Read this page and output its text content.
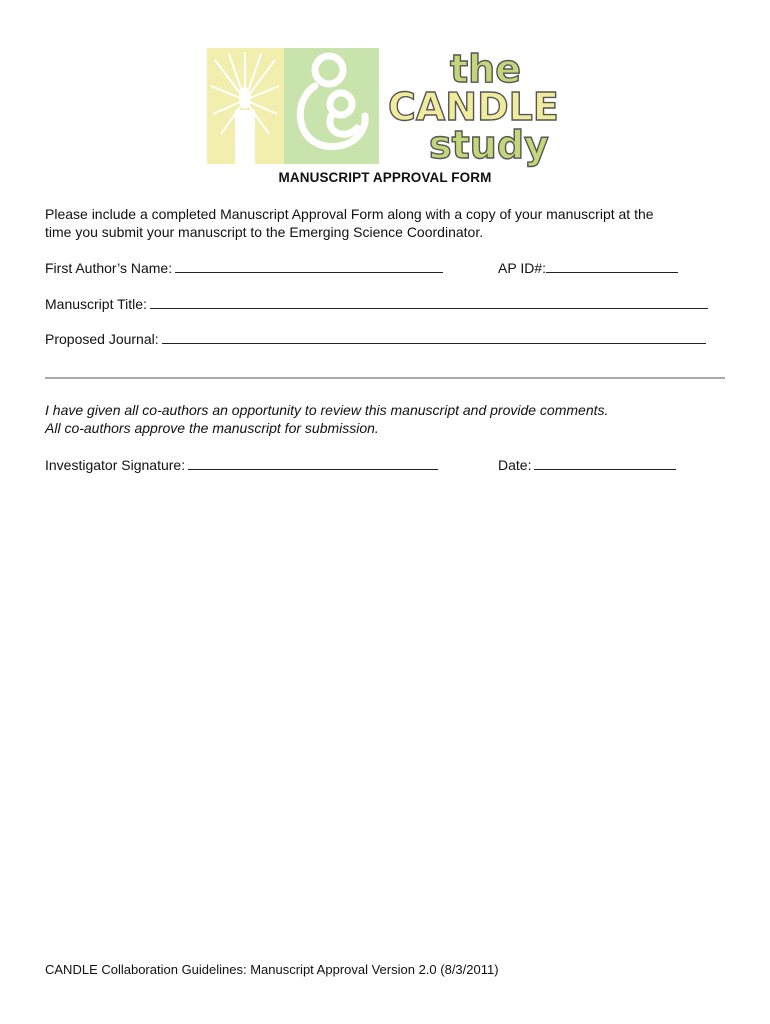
the
CANDLE
study
MANUSCRIPT APPROVAL FORM
Please include a completed Manuscript Approval Form along with a copy of your manuscript at the
time you submit your manuscript to the Emerging Science Coordinator.
First Author’s Name:	AP ID#:
Manuscript Title:
Proposed Journal:
I have given all co-authors an opportunity to review this manuscript and provide comments.
All co-authors approve the manuscript for submission.
Investigator Signature:	Date:
CANDLE Collaboration Guidelines: Manuscript Approval Version 2.0 (8/3/2011)
